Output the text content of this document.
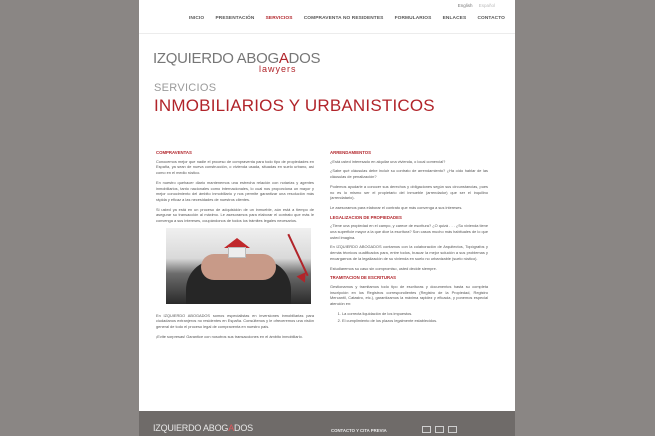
English Español
INICIO PRESENTACIÓN SERVICIOS COMPRAVENTA NO RESIDENTES FORMULARIOS ENLACES CONTACTO
IZQUIERDO ABOGADOS
lawyers
SERVICIOS
INMOBILIARIOS Y URBANISTICOS
COMPRAVENTAS

Conocemos mejor que nadie el proceso de compraventa para todo tipo de propiedades en España, ya sean de nueva construcción, o vivienda usada, situadas en suelo urbano, así como en el medio rústico.

En nuestro quehacer diario mantenemos una estrecha relación con notarías y agentes inmobiliarios, tanto nacionales como internacionales, lo cual nos proporciona un mayor y mejor conocimiento del ámbito inmobiliario y nos permite garantizar una resolución más rápida y eficaz a las necesidades de nuestros clientes.

Si usted ya está en un proceso de adquisición de un inmueble, aún está a tiempo de asegurar su transacción al máximo. Le asesoramos para elaborar el contrato que más le convenga a sus intereses, ocupándonos de todos los trámites legales necesarios.

En IZQUIERDO ABOGADOS somos especialistas en inversiones inmobiliarias para ciudadanos extranjeros no residentes en España. Consúltenos y le ofreceremos una visión general de todo el proceso legal de compraventa en nuestro país.

¡Evite sorpresas! Garantice con nosotros sus transacciones en el ámbito inmobiliario.

ARRENDAMIENTOS

¿Está usted interesado en alquilar una vivienda, o local comercial?

¿Sabe qué cláusulas debe incluir su contrato de arrendamiento? ¿Ha oído hablar de las cláusulas de penalización?

Podemos ayudarle a conocer sus derechos y obligaciones según sus circunstancias, pues no es lo mismo ser el propietario del inmueble (arrendador) que ser el inquilino (arrendatario).

Le asesoramos para elaborar el contrato que más convenga a sus intereses.

LEGALIZACION DE PROPIEDADES

¿Tiene una propiedad en el campo, y carece de escritura? ¿O quizá . . . ¿Su vivienda tiene una superficie mayor a la que dice la escritura? Son casos mucho más habituales de lo que usted imagina.

En IZQUIERDO ABOGADOS contamos con la colaboración de Arquitectos, Topógrafos y demás técnicos cualificados para, entre todos, buscar la mejor solución a sus problemas y encargarnos de la legalización de su vivienda en suelo no urbanizable (suelo rústico).

Estudiaremos su caso sin compromiso, usted decide siempre.

TRAMITACION DE ESCRITURAS

Gestionamos y tramitamos todo tipo de escrituras y documentos hasta su completa inscripción en los Registros correspondientes (Registro de la Propiedad, Registro Mercantil, Catastro, etc.), garantizamos la máxima rapidez y eficacia, y ponemos especial atención en:

1. La correcta liquidación de los impuestos.
2. El cumplimiento de los plazos legalmente establecidos.
IZQUIERDO ABOGADOS	CONTACTO Y CITA PREVIA
